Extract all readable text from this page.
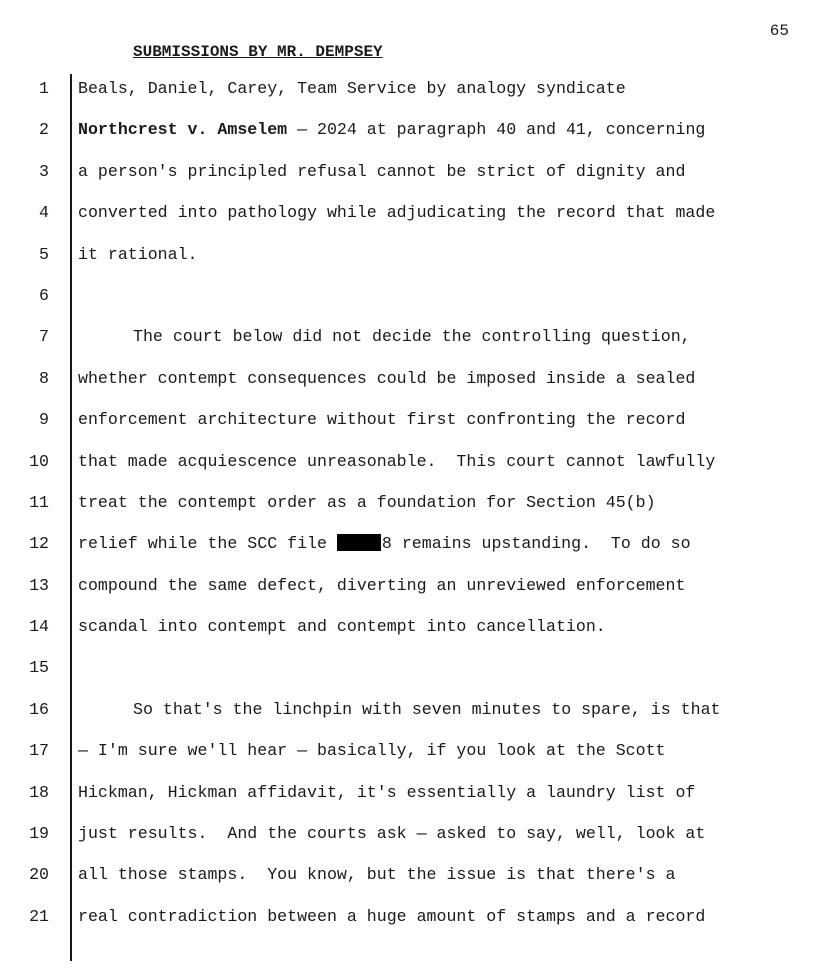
65
SUBMISSIONS BY MR. DEMPSEY

1

Beals, Daniel, Carey, Team Service by analogy syndicate

2

Northcrest v. Amselem — 2024 at paragraph 40 and 41, concerning

3

a person's principled refusal cannot be strict of dignity and

4

converted into pathology while adjudicating the record that made

5

it rational.

6

7

	The court below did not decide the controlling question,

8

whether contempt consequences could be imposed inside a sealed

9

enforcement architecture without first confronting the record

10

that made acquiescence unreasonable.  This court cannot lawfully

11

treat the contempt order as a foundation for Section 45(b)

12

relief while the SCC file	8 remains upstanding.  To do so

13

compound the same defect, diverting an unreviewed enforcement

14

scandal into contempt and contempt into cancellation.

15

16

	So that's the linchpin with seven minutes to spare, is that

17

— I'm sure we'll hear — basically, if you look at the Scott

18

Hickman, Hickman affidavit, it's essentially a laundry list of

19

just results.  And the courts ask — asked to say, well, look at

20

all those stamps.  You know, but the issue is that there's a

21

real contradiction between a huge amount of stamps and a record
